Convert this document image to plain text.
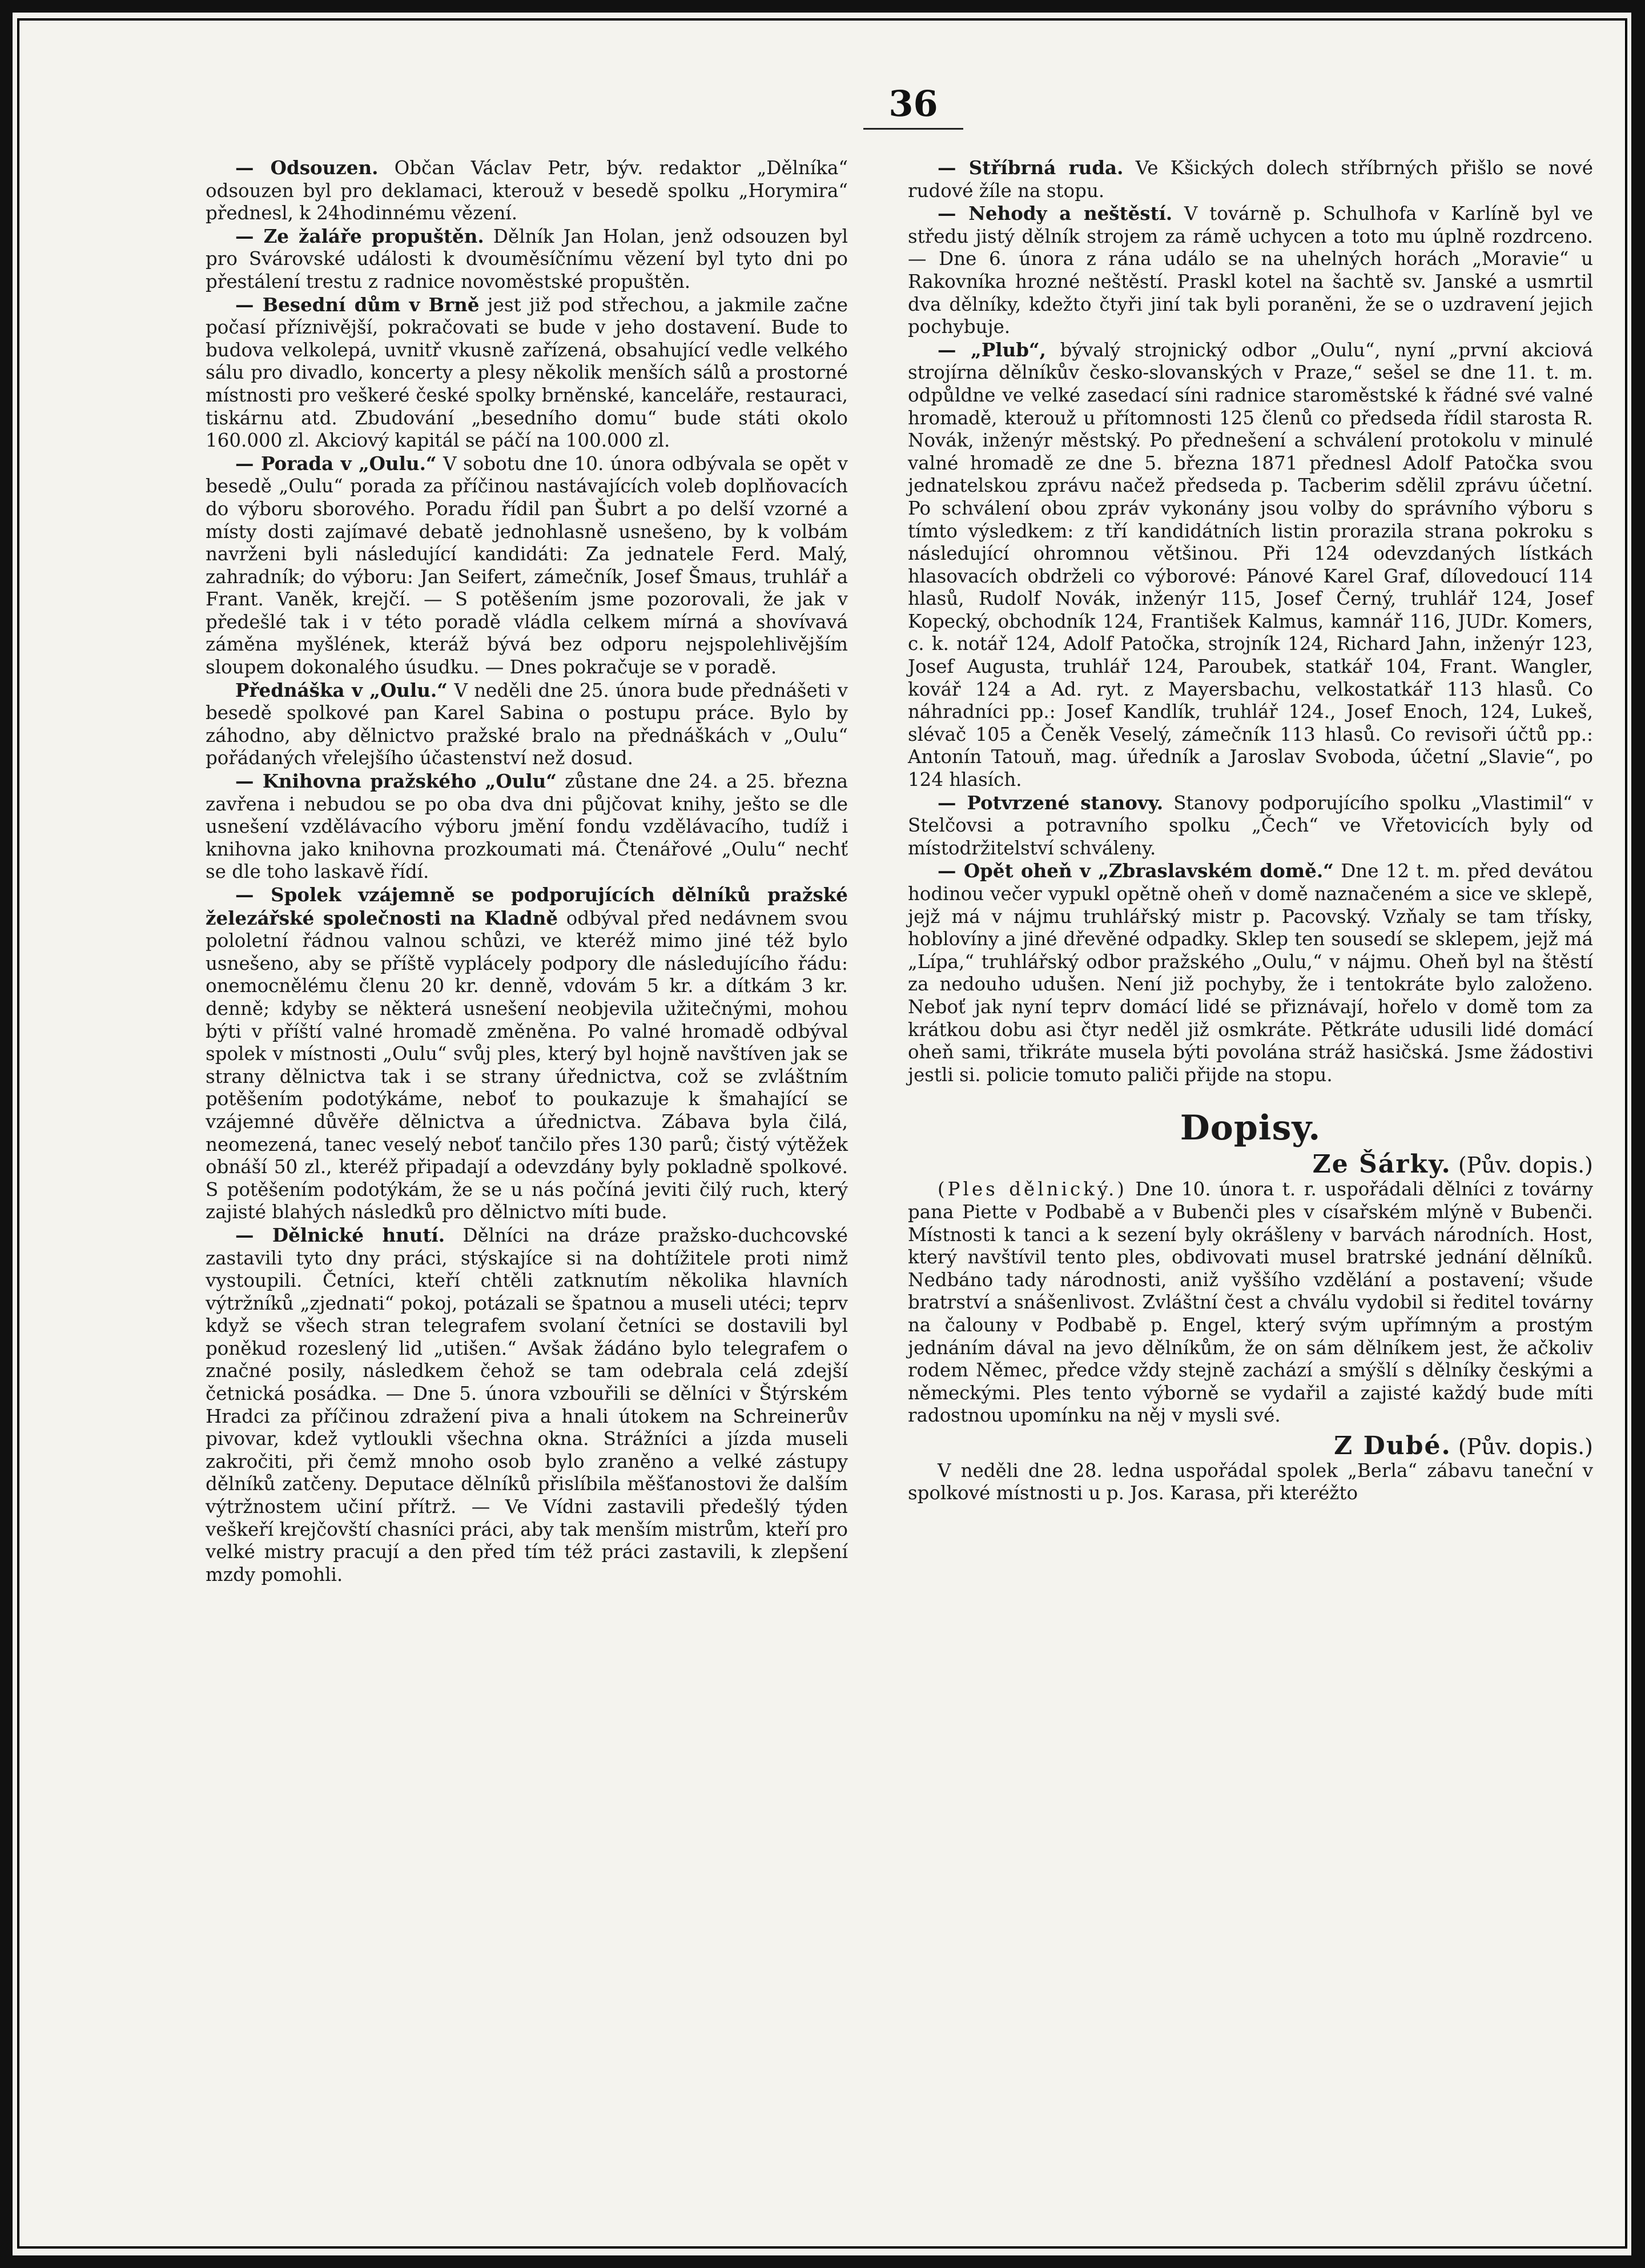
36

— Odsouzen. Občan Václav Petr, býv. redaktor „Dělníka“ odsouzen byl pro deklamaci, kterouž v besedě spolku „Horymira“ přednesl, k 24hodinnému vězení.

— Ze žaláře propuštěn. Dělník Jan Holan, jenž odsouzen byl pro Svárovské události k dvouměsíčnímu vězení byl tyto dni po přestálení trestu z radnice novoměstské propuštěn.

— Besední dům v Brně jest již pod střechou, a jakmile začne počasí příznivější, pokračovati se bude v jeho dostavení. Bude to budova velkolepá, uvnitř vkusně zařízená, obsahující vedle velkého sálu pro divadlo, koncerty a plesy několik menších sálů a prostorné místnosti pro veškeré české spolky brněnské, kanceláře, restauraci, tiskárnu atd. Zbudování „besedního domu“ bude státi okolo 160.000 zl. Akciový kapitál se páčí na 100.000 zl.

— Porada v „Oulu.“ V sobotu dne 10. února odbývala se opět v besedě „Oulu“ porada za příčinou nastávajících voleb doplňovacích do výboru sborového. Poradu řídil pan Šubrt a po delší vzorné a místy dosti zajímavé debatě jednohlasně usnešeno, by k volbám navrženi byli následující kandidáti: Za jednatele Ferd. Malý, zahradník; do výboru: Jan Seifert, zámečník, Josef Šmaus, truhlář a Frant. Vaněk, krejčí. — S potěšením jsme pozorovali, že jak v předešlé tak i v této poradě vládla celkem mírná a shovívavá záměna myšlének, kteráž bývá bez odporu nejspolehlivějším sloupem dokonalého úsudku. — Dnes pokračuje se v poradě.

Přednáška v „Oulu.“ V neděli dne 25. února bude přednášeti v besedě spolkové pan Karel Sabina o postupu práce. Bylo by záhodno, aby dělnictvo pražské bralo na přednáškách v „Oulu“ pořádaných vřelejšího účastenství než dosud.

— Knihovna pražského „Oulu“ zůstane dne 24. a 25. března zavřena i nebudou se po oba dva dni půjčovat knihy, ješto se dle usnešení vzdělávacího výboru jmění fondu vzdělávacího, tudíž i knihovna jako knihovna prozkoumati má. Čtenářové „Oulu“ nechť se dle toho laskavě řídí.

— Spolek vzájemně se podporujících dělníků pražské železářské společnosti na Kladně odbýval před nedávnem svou pololetní řádnou valnou schůzi, ve kteréž mimo jiné též bylo usnešeno, aby se příště vyplácely podpory dle následujícího řádu: onemocnělému členu 20 kr. denně, vdovám 5 kr. a dítkám 3 kr. denně; kdyby se některá usnešení neobjevila užitečnými, mohou býti v příští valné hromadě změněna. Po valné hromadě odbýval spolek v místnosti „Oulu“ svůj ples, který byl hojně navštíven jak se strany dělnictva tak i se strany úřednictva, což se zvláštním potěšením podotýkáme, neboť to poukazuje k šmahající se vzájemné důvěře dělnictva a úřednictva. Zábava byla čilá, neomezená, tanec veselý neboť tančilo přes 130 parů; čistý výtěžek obnáší 50 zl., kteréž připadají a odevzdány byly pokladně spolkové. S potěšením podotýkám, že se u nás počíná jeviti čilý ruch, který zajisté blahých následků pro dělnictvo míti bude.

— Dělnické hnutí. Dělníci na dráze pražsko-duchcovské zastavili tyto dny práci, stýskajíce si na dohtížitele proti nimž vystoupili. Četníci, kteří chtěli zatknutím několika hlavních výtržníků „zjednati“ pokoj, potázali se špatnou a museli utéci; teprv když se všech stran telegrafem svolaní četníci se dostavili byl poněkud rozeslený lid „utišen.“ Avšak žádáno bylo telegrafem o značné posily, následkem čehož se tam odebrala celá zdejší četnická posádka. — Dne 5. února vzbouřili se dělníci v Štýrském Hradci za příčinou zdražení piva a hnali útokem na Schreinerův pivovar, kdež vytloukli všechna okna. Strážníci a jízda museli zakročiti, při čemž mnoho osob bylo zraněno a velké zástupy dělníků zatčeny. Deputace dělníků přislíbila měšťanostovi že dalším výtržnostem učiní přítrž. — Ve Vídni zastavili předešlý týden veškeří krejčovští chasníci práci, aby tak menším mistrům, kteří pro velké mistry pracují a den před tím též práci zastavili, k zlepšení mzdy pomohli.

— Stříbrná ruda. Ve Kšických dolech stříbrných přišlo se nové rudové žíle na stopu.

— Nehody a neštěstí. V továrně p. Schulhofa v Karlíně byl ve středu jistý dělník strojem za rámě uchycen a toto mu úplně rozdrceno. — Dne 6. února z rána událo se na uhelných horách „Moravie“ u Rakovníka hrozné neštěstí. Praskl kotel na šachtě sv. Janské a usmrtil dva dělníky, kdežto čtyři jiní tak byli poraněni, že se o uzdravení jejich pochybuje.

— „Plub“, bývalý strojnický odbor „Oulu“, nyní „první akciová strojírna dělníkův česko-slovanských v Praze,“ sešel se dne 11. t. m. odpůldne ve velké zasedací síni radnice staroměstské k řádné své valné hromadě, kterouž u přítomnosti 125 členů co předseda řídil starosta R. Novák, inženýr městský. Po přednešení a schválení protokolu v minulé valné hromadě ze dne 5. března 1871 přednesl Adolf Patočka svou jednatelskou zprávu načež předseda p. Tacberim sdělil zprávu účetní. Po schválení obou zpráv vykonány jsou volby do správního výboru s tímto výsledkem: z tří kandidátních listin prorazila strana pokroku s následující ohromnou většinou. Při 124 odevzdaných lístkách hlasovacích obdrželi co výborové: Pánové Karel Graf, dílovedoucí 114 hlasů, Rudolf Novák, inženýr 115, Josef Černý, truhlář 124, Josef Kopecký, obchodník 124, František Kalmus, kamnář 116, JUDr. Komers, c. k. notář 124, Adolf Patočka, strojník 124, Richard Jahn, inženýr 123, Josef Augusta, truhlář 124, Paroubek, statkář 104, Frant. Wangler, kovář 124 a Ad. ryt. z Mayersbachu, velkostatkář 113 hlasů. Co náhradníci pp.: Josef Kandlík, truhlář 124., Josef Enoch, 124, Lukeš, slévač 105 a Čeněk Veselý, zámečník 113 hlasů. Co revisoři účtů pp.: Antonín Tatouň, mag. úředník a Jaroslav Svoboda, účetní „Slavie“, po 124 hlasích.

— Potvrzené stanovy. Stanovy podporujícího spolku „Vlastimil“ v Stelčovsi a potravního spolku „Čech“ ve Vřetovicích byly od místodržitelství schváleny.

— Opět oheň v „Zbraslavském domě.“ Dne 12 t. m. před devátou hodinou večer vypukl opětně oheň v domě naznačeném a sice ve sklepě, jejž má v nájmu truhlářský mistr p. Pacovský. Vzňaly se tam třísky, hoblovíny a jiné dřevěné odpadky. Sklep ten sousedí se sklepem, jejž má „Lípa,“ truhlářský odbor pražského „Oulu,“ v nájmu. Oheň byl na štěstí za nedouho udušen. Není již pochyby, že i tentokráte bylo založeno. Neboť jak nyní teprv domácí lidé se přiznávají, hořelo v domě tom za krátkou dobu asi čtyr neděl již osmkráte. Pětkráte udusili lidé domácí oheň sami, třikráte musela býti povolána stráž hasičská. Jsme žádostivi jestli si. policie tomuto paliči přijde na stopu.

Dopisy.
Ze Šárky. (Pův. dopis.)

(Ples dělnický.) Dne 10. února t. r. uspořádali dělníci z továrny pana Piette v Podbabě a v Bubenči ples v císařském mlýně v Bubenči. Místnosti k tanci a k sezení byly okrášleny v barvách národních. Host, který navštívil tento ples, obdivovati musel bratrské jednání dělníků. Nedbáno tady národnosti, aniž vyššího vzdělání a postavení; všude bratrství a snášenlivost. Zvláštní čest a chválu vydobil si ředitel továrny na čalouny v Podbabě p. Engel, který svým upřímným a prostým jednáním dával na jevo dělníkům, že on sám dělníkem jest, že ačkoliv rodem Němec, předce vždy stejně zachází a smýšlí s dělníky českými a německými. Ples tento výborně se vydařil a zajisté každý bude míti radostnou upomínku na něj v mysli své.

Z Dubé. (Pův. dopis.)

V neděli dne 28. ledna uspořádal spolek „Berla“ zábavu taneční v spolkové místnosti u p. Jos. Karasa, při kteréžto
